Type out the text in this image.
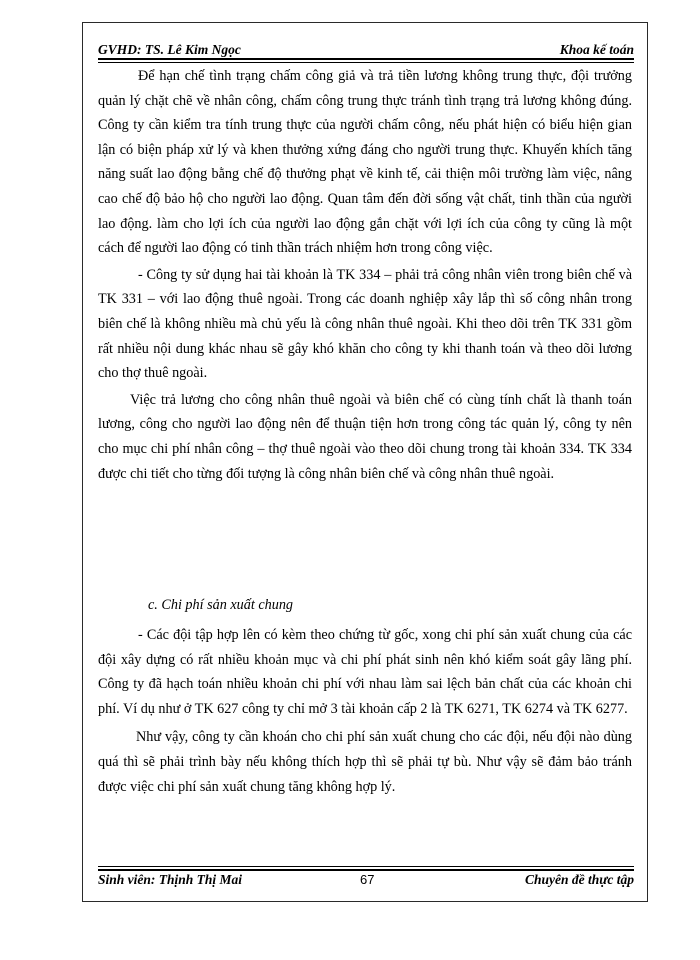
GVHD: TS. Lê Kim Ngọc	Khoa kế toán

Để hạn chế tình trạng chấm công giả và trả tiền lương không trung thực, đội trưởng quản lý chặt chẽ về nhân công, chấm công trung thực tránh tình trạng trả lương không đúng. Công ty cần kiểm tra tính trung thực của người chấm công, nếu phát hiện có biểu hiện gian lận có biện pháp xử lý và khen thưởng xứng đáng cho người trung thực. Khuyến khích tăng năng suất lao động bằng chế độ thưởng phạt về kinh tế, cải thiện môi trường làm việc, nâng cao chế độ bảo hộ cho người lao động. Quan tâm đến đời sống vật chất, tinh thần của người lao động. làm cho lợi ích của người lao động gắn chặt với lợi ích của công ty cũng là một cách để người lao động có tinh thần trách nhiệm hơn trong công việc.

- Công ty sử dụng hai tài khoản là TK 334 – phải trả công nhân viên trong biên chế và TK 331 – với lao động thuê ngoài. Trong các doanh nghiệp xây lắp thì số công nhân trong biên chế là không nhiều mà chủ yếu là công nhân thuê ngoài. Khi theo dõi trên TK 331 gồm rất nhiều nội dung khác nhau sẽ gây khó khăn cho công ty khi thanh toán và theo dõi lương cho thợ thuê ngoài.

Việc trả lương cho công nhân thuê ngoài và biên chế có cùng tính chất là thanh toán lương, công cho người lao động nên để thuận tiện hơn trong công tác quản lý, công ty nên cho mục chi phí nhân công – thợ thuê ngoài vào theo dõi chung trong tài khoản 334. TK 334 được chi tiết cho từng đối tượng là công nhân biên chế và công nhân thuê ngoài.

c. Chi phí sản xuất chung

- Các đội tập hợp lên có kèm theo chứng từ gốc, xong chi phí sản xuất chung của các đội xây dựng có rất nhiều khoản mục và chi phí phát sinh nên khó kiểm soát gây lãng phí. Công ty đã hạch toán nhiều khoản chi phí với nhau làm sai lệch bản chất của các khoản chi phí. Ví dụ như ở TK 627 công ty chỉ mở 3 tài khoản cấp 2 là TK 6271, TK 6274 và TK 6277.

Như vậy, công ty cần khoán cho chi phí sản xuất chung cho các đội, nếu đội nào dùng quá thì sẽ phải trình bày nếu không thích hợp thì sẽ phải tự bù. Như vậy sẽ đảm bảo tránh được việc chi phí sản xuất chung tăng không hợp lý.

Sinh viên: Thịnh Thị Mai	67	Chuyên đề thực tập
